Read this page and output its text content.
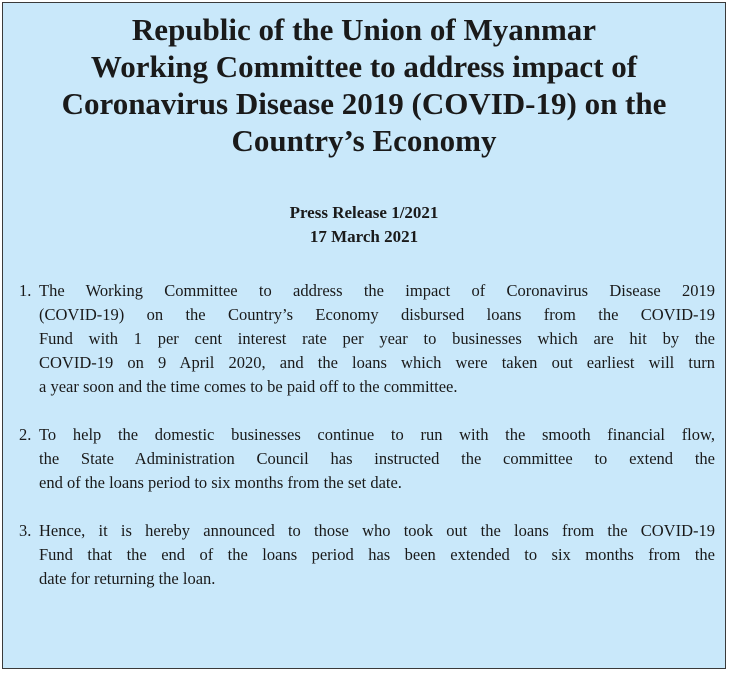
Republic of the Union of Myanmar
Working Committee to address impact of
Coronavirus Disease 2019 (COVID-19) on the
Country’s Economy
Press Release 1/2021
17 March 2021
1. The Working Committee to address the impact of Coronavirus Disease 2019
(COVID-19) on the Country’s Economy disbursed loans from the COVID-19
Fund with 1 per cent interest rate per year to businesses which are hit by the
COVID-19 on 9 April 2020, and the loans which were taken out earliest will turn
a year soon and the time comes to be paid off to the committee.
2. To help the domestic businesses continue to run with the smooth financial flow,
the State Administration Council has instructed the committee to extend the
end of the loans period to six months from the set date.
3. Hence, it is hereby announced to those who took out the loans from the COVID-19
Fund that the end of the loans period has been extended to six months from the
date for returning the loan.
